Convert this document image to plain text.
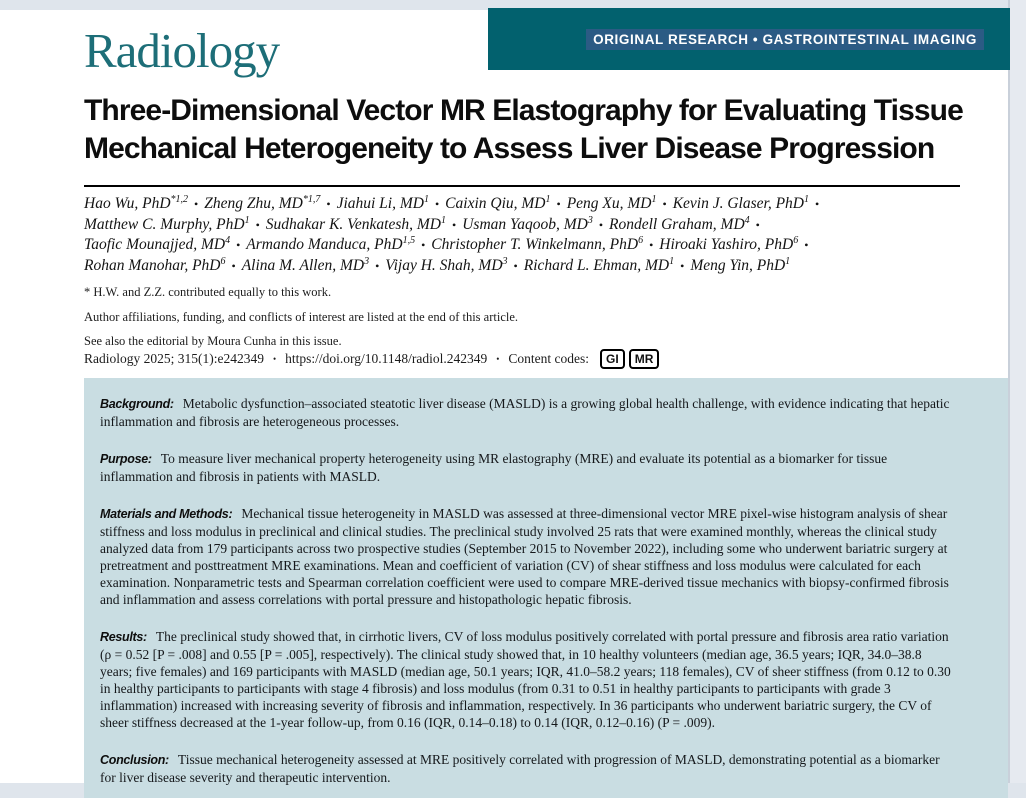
Radiology	ORIGINAL RESEARCH • GASTROINTESTINAL IMAGING
Three-Dimensional Vector MR Elastography for Evaluating Tissue
Mechanical Heterogeneity to Assess Liver Disease Progression
Hao Wu, PhD$^{*1,2}$ • Zheng Zhu, MD$^{*1,7}$ • Jiahui Li, $MD^1$ • Caixin Qiu, $MD^1$ • Peng Xu, $MD^1$ • Kevin J. Glaser, PhD$^1$ •
Matthew C. Murphy, PhD$^1$ • Sudhakar K. Venkatesh, $MD^1$ • Usman Yaqoob, $MD^3$ • Rondell Graham, $MD^4$ •
Taofic Mounajjed, $MD^4$ • Armando Manduca, PhD$^{1,5}$ • Christopher T. Winkelmann, PhD$^6$ • Hiroaki Yashiro, PhD$^6$ •
Rohan Manohar, PhD$^6$ • Alina M. Allen, $MD^3$ • Vijay H. Shah, $MD^3$ • Richard L. Ehman, $MD^1$ • Meng Yin, PhD$^1$
* H.W. and Z.Z. contributed equally to this work.
Author affiliations, funding, and conflicts of interest are listed at the end of this article.
See also the editorial by Moura Cunha in this issue.
Radiology 2025; 315(1):e242349 • https://doi.org/10.1148/radiol.242349 • Content codes:	GI	MR
Background: Metabolic dysfunction–associated steatotic liver disease (MASLD) is a growing global health challenge, with evidence indicating that hepatic inflammation and fibrosis are heterogeneous processes.
Purpose: To measure liver mechanical property heterogeneity using MR elastography (MRE) and evaluate its potential as a biomarker for tissue inflammation and fibrosis in patients with MASLD.
Materials and Methods: Mechanical tissue heterogeneity in MASLD was assessed at three-dimensional vector MRE pixel-wise histogram analysis of shear stiffness and loss modulus in preclinical and clinical studies. The preclinical study involved 25 rats that were examined monthly, whereas the clinical study analyzed data from 179 participants across two prospective studies (September 2015 to November 2022), including some who underwent bariatric surgery at pretreatment and posttreatment MRE examinations. Mean and coefficient of variation (CV) of shear stiffness and loss modulus were calculated for each examination. Nonparametric tests and Spearman correlation coefficient were used to compare MRE-derived tissue mechanics with biopsy-confirmed fibrosis and inflammation and assess correlations with portal pressure and histopathologic hepatic fibrosis.
Results: The preclinical study showed that, in cirrhotic livers, CV of loss modulus positively correlated with portal pressure and fibrosis area ratio variation (ρ = 0.52 [P = .008] and 0.55 [P = .005], respectively). The clinical study showed that, in 10 healthy volunteers (median age, 36.5 years; IQR, 34.0–38.8 years; five females) and 169 participants with MASLD (median age, 50.1 years; IQR, 41.0–58.2 years; 118 females), CV of sheer stiffness (from 0.12 to 0.30 in healthy participants to participants with stage 4 fibrosis) and loss modulus (from 0.31 to 0.51 in healthy participants to participants with grade 3 inflammation) increased with increasing severity of fibrosis and inflammation, respectively. In 36 participants who underwent bariatric surgery, the CV of sheer stiffness decreased at the 1-year follow-up, from 0.16 (IQR, 0.14–0.18) to 0.14 (IQR, 0.12–0.16) (P = .009).
Conclusion: Tissue mechanical heterogeneity assessed at MRE positively correlated with progression of MASLD, demonstrating potential as a biomarker for liver disease severity and therapeutic intervention.
